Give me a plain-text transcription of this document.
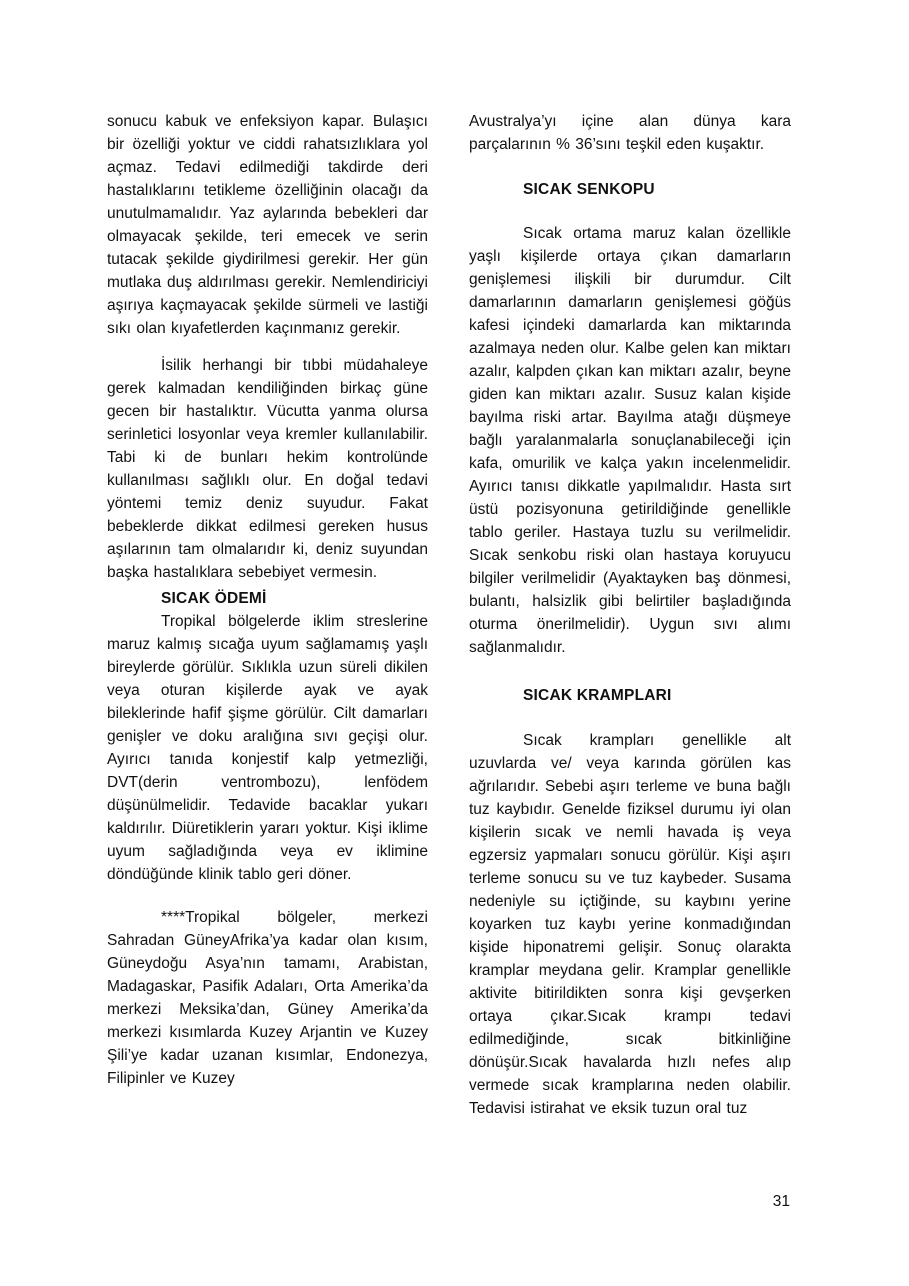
sonucu kabuk ve enfeksiyon kapar. Bulaşıcı bir özelliği yoktur ve ciddi rahatsızlıklara yol açmaz. Tedavi edilmediği takdirde deri hastalıklarını tetikleme özelliğinin olacağı da unutulmamalıdır. Yaz aylarında bebekleri dar olmayacak şekilde, teri emecek ve serin tutacak şekilde giydirilmesi gerekir. Her gün mutlaka duş aldırılması gerekir. Nemlendiriciyi aşırıya kaçmayacak şekilde sürmeli ve lastiği sıkı olan kıyafetlerden kaçınmanız gerekir.

İsilik herhangi bir tıbbi müdahaleye gerek kalmadan kendiliğinden birkaç güne gecen bir hastalıktır. Vücutta yanma olursa serinletici losyonlar veya kremler kullanılabilir. Tabi ki de bunları hekim kontrolünde kullanılması sağlıklı olur. En doğal tedavi yöntemi temiz deniz suyudur. Fakat bebeklerde dikkat edilmesi gereken husus aşılarının tam olmalarıdır ki, deniz suyundan başka hastalıklara sebebiyet vermesin.

SICAK ÖDEMİ

Tropikal bölgelerde iklim streslerine maruz kalmış sıcağa uyum sağlamamış yaşlı bireylerde görülür. Sıklıkla uzun süreli dikilen veya oturan kişilerde ayak ve ayak bileklerinde hafif şişme görülür. Cilt damarları genişler ve doku aralığına sıvı geçişi olur. Ayırıcı tanıda konjestif kalp yetmezliği, DVT(derin ventrombozu), lenfödem düşünülmelidir. Tedavide bacaklar yukarı kaldırılır. Diüretiklerin yararı yoktur. Kişi iklime uyum sağladığında veya ev iklimine döndüğünde klinik tablo geri döner.

****Tropikal bölgeler, merkezi Sahradan GüneyAfrika’ya kadar olan kısım, Güneydoğu Asya’nın tamamı, Arabistan, Madagaskar, Pasifik Adaları, Orta Amerika’da merkezi Meksika’dan, Güney Amerika’da merkezi kısımlarda Kuzey Arjantin ve Kuzey Şili’ye kadar uzanan kısımlar, Endonezya, Filipinler ve Kuzey

Avustralya’yı içine alan dünya kara parçalarının % 36’sını teşkil eden kuşaktır.

SICAK SENKOPU

Sıcak ortama maruz kalan özellikle yaşlı kişilerde ortaya çıkan damarların genişlemesi ilişkili bir durumdur. Cilt damarlarının damarların genişlemesi göğüs kafesi içindeki damarlarda kan miktarında azalmaya neden olur. Kalbe gelen kan miktarı azalır, kalpden çıkan kan miktarı azalır, beyne giden kan miktarı azalır. Susuz kalan kişide bayılma riski artar. Bayılma atağı düşmeye bağlı yaralanmalarla sonuçlanabileceği için kafa, omurilik ve kalça yakın incelenmelidir. Ayırıcı tanısı dikkatle yapılmalıdır. Hasta sırt üstü pozisyonuna getirildiğinde genellikle tablo geriler. Hastaya tuzlu su verilmelidir. Sıcak senkobu riski olan hastaya koruyucu bilgiler verilmelidir (Ayaktayken baş dönmesi, bulantı, halsizlik gibi belirtiler başladığında oturma önerilmelidir). Uygun sıvı alımı sağlanmalıdır.

SICAK KRAMPLARI

Sıcak krampları genellikle alt uzuvlarda ve/ veya karında görülen kas ağrılarıdır. Sebebi aşırı terleme ve buna bağlı tuz kaybıdır. Genelde fiziksel durumu iyi olan kişilerin sıcak ve nemli havada iş veya egzersiz yapmaları sonucu görülür. Kişi aşırı terleme sonucu su ve tuz kaybeder. Susama nedeniyle su içtiğinde, su kaybını yerine koyarken tuz kaybı yerine konmadığından kişide hiponatremi gelişir. Sonuç olarakta kramplar meydana gelir. Kramplar genellikle aktivite bitirildikten sonra kişi gevşerken ortaya çıkar.Sıcak krampı tedavi edilmediğinde, sıcak bitkinliğine dönüşür.Sıcak havalarda hızlı nefes alıp vermede sıcak kramplarına neden olabilir. Tedavisi istirahat ve eksik tuzun oral tuz

31
